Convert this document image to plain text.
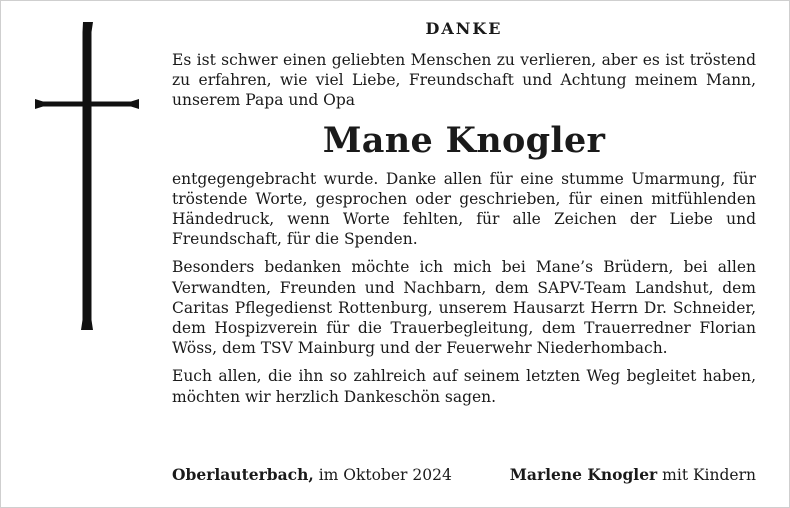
DANKE

Es ist schwer einen geliebten Menschen zu verlieren, aber es ist tröstend zu erfahren, wie viel Liebe, Freundschaft und Achtung meinem Mann, unserem Papa und Opa

Mane Knogler

entgegengebracht wurde. Danke allen für eine stumme Umarmung, für tröstende Worte, gesprochen oder geschrieben, für einen mitfühlenden Händedruck, wenn Worte fehlten, für alle Zeichen der Liebe und Freundschaft, für die Spenden.

Besonders bedanken möchte ich mich bei Mane’s Brüdern, bei allen Verwandten, Freunden und Nachbarn, dem SAPV-Team Landshut, dem Caritas Pflegedienst Rottenburg, unserem Hausarzt Herrn Dr. Schneider, dem Hospizverein für die Trauerbegleitung, dem Trauerredner Florian Wöss, dem TSV Mainburg und der Feuerwehr Niederhombach.

Euch allen, die ihn so zahlreich auf seinem letzten Weg begleitet haben, möchten wir herzlich Dankeschön sagen.

Oberlauterbach, im Oktober 2024	Marlene Knogler mit Kindern
